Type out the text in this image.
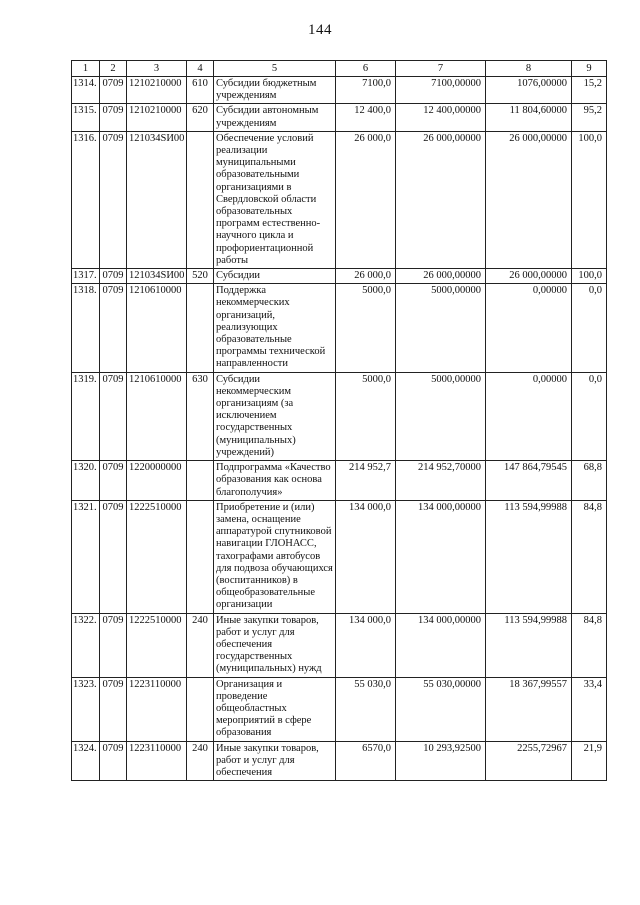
144
1	2	3	4	5	6	7	8	9
1314.	0709	1210210000	610	Субсидии бюджетным учреждениям	7100,0	7100,00000	1076,00000	15,2
1315.	0709	1210210000	620	Субсидии автономным учреждениям	12 400,0	12 400,00000	11 804,60000	95,2
1316.	0709	121034SИ00		Обеспечение условий реализации муниципальными образовательными организациями в Свердловской области образовательных программ естественно-научного цикла и профориентационной работы	26 000,0	26 000,00000	26 000,00000	100,0
1317.	0709	121034SИ00	520	Субсидии	26 000,0	26 000,00000	26 000,00000	100,0
1318.	0709	1210610000		Поддержка некоммерческих организаций, реализующих образовательные программы технической направленности	5000,0	5000,00000	0,00000	0,0
1319.	0709	1210610000	630	Субсидии некоммерческим организациям (за исключением государственных (муниципальных) учреждений)	5000,0	5000,00000	0,00000	0,0
1320.	0709	1220000000		Подпрограмма «Качество образования как основа благополучия»	214 952,7	214 952,70000	147 864,79545	68,8
1321.	0709	1222510000		Приобретение и (или) замена, оснащение аппаратурой спутниковой навигации ГЛОНАСС, тахографами автобусов для подвоза обучающихся (воспитанников) в общеобразовательные организации	134 000,0	134 000,00000	113 594,99988	84,8
1322.	0709	1222510000	240	Иные закупки товаров, работ и услуг для обеспечения государственных (муниципальных) нужд	134 000,0	134 000,00000	113 594,99988	84,8
1323.	0709	1223110000		Организация и проведение общеобластных мероприятий в сфере образования	55 030,0	55 030,00000	18 367,99557	33,4
1324.	0709	1223110000	240	Иные закупки товаров, работ и услуг для обеспечения	6570,0	10 293,92500	2255,72967	21,9
